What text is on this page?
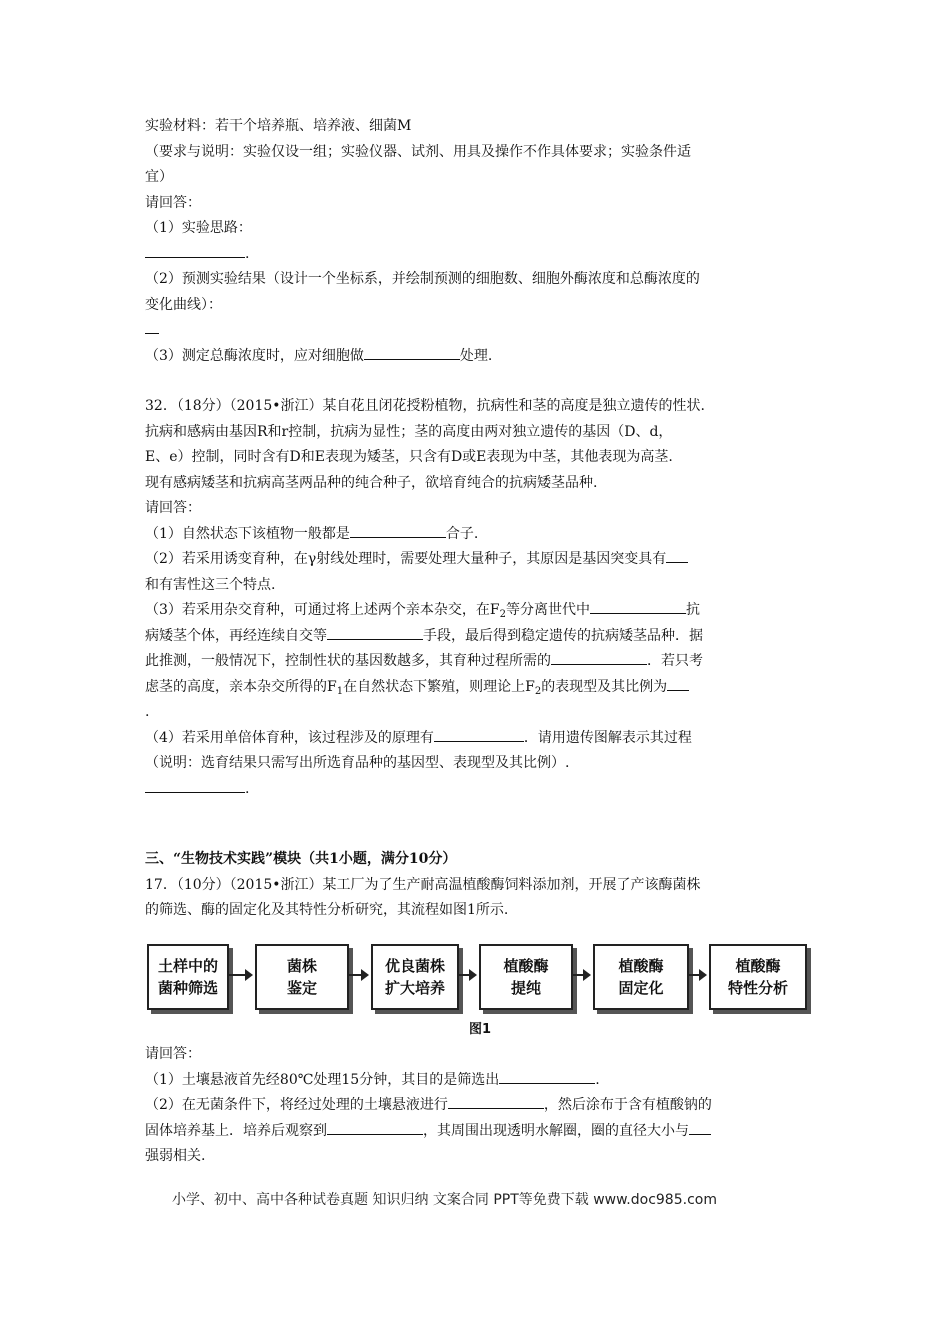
实验材料：若干个培养瓶、培养液、细菌M
（要求与说明：实验仅设一组；实验仪器、试剂、用具及操作不作具体要求；实验条件适
宜）
请回答：
（1）实验思路：
.
（2）预测实验结果（设计一个坐标系，并绘制预测的细胞数、细胞外酶浓度和总酶浓度的
变化曲线）：
（3）测定总酶浓度时，应对细胞做	处理.
32．（18分）（2015•浙江）某自花且闭花授粉植物，抗病性和茎的高度是独立遗传的性状.
抗病和感病由基因R和r控制，抗病为显性；茎的高度由两对独立遗传的基因（D、d，
E、e）控制，同时含有D和E表现为矮茎，只含有D或E表现为中茎，其他表现为高茎.
现有感病矮茎和抗病高茎两品种的纯合种子，欲培育纯合的抗病矮茎品种.
请回答：
（1）自然状态下该植物一般都是	合子.
（2）若采用诱变育种，在γ射线处理时，需要处理大量种子，其原因是基因突变具有
和有害性这三个特点.
（3）若采用杂交育种，可通过将上述两个亲本杂交，在$F_2$等分离世代中	抗
病矮茎个体，再经连续自交等	手段，最后得到稳定遗传的抗病矮茎品种．据
此推测，一般情况下，控制性状的基因数越多，其育种过程所需的	．若只考
虑茎的高度，亲本杂交所得的$F_1$在自然状态下繁殖，则理论上$F_2$的表现型及其比例为
.
（4）若采用单倍体育种，该过程涉及的原理有	．请用遗传图解表示其过程
（说明：选育结果只需写出所选育品种的基因型、表现型及其比例）.
.
三、“生物技术实践”模块（共1小题，满分10分）
17．（10分）（2015•浙江）某工厂为了生产耐高温植酸酶饲料添加剂，开展了产该酶菌株
的筛选、酶的固定化及其特性分析研究，其流程如图1所示.
土样中的
菌种筛选
菌株
鉴定
优良菌株
扩大培养
植酸酶
提纯
植酸酶
固定化
植酸酶
特性分析
图1
请回答：
（1）土壤悬液首先经80℃处理15分钟，其目的是筛选出	.
（2）在无菌条件下，将经过处理的土壤悬液进行	，然后涂布于含有植酸钠的
固体培养基上．培养后观察到	，其周围出现透明水解圈，圈的直径大小与
强弱相关.
小学、初中、高中各种试卷真题 知识归纳 文案合同 PPT等免费下载 www.doc985.com
